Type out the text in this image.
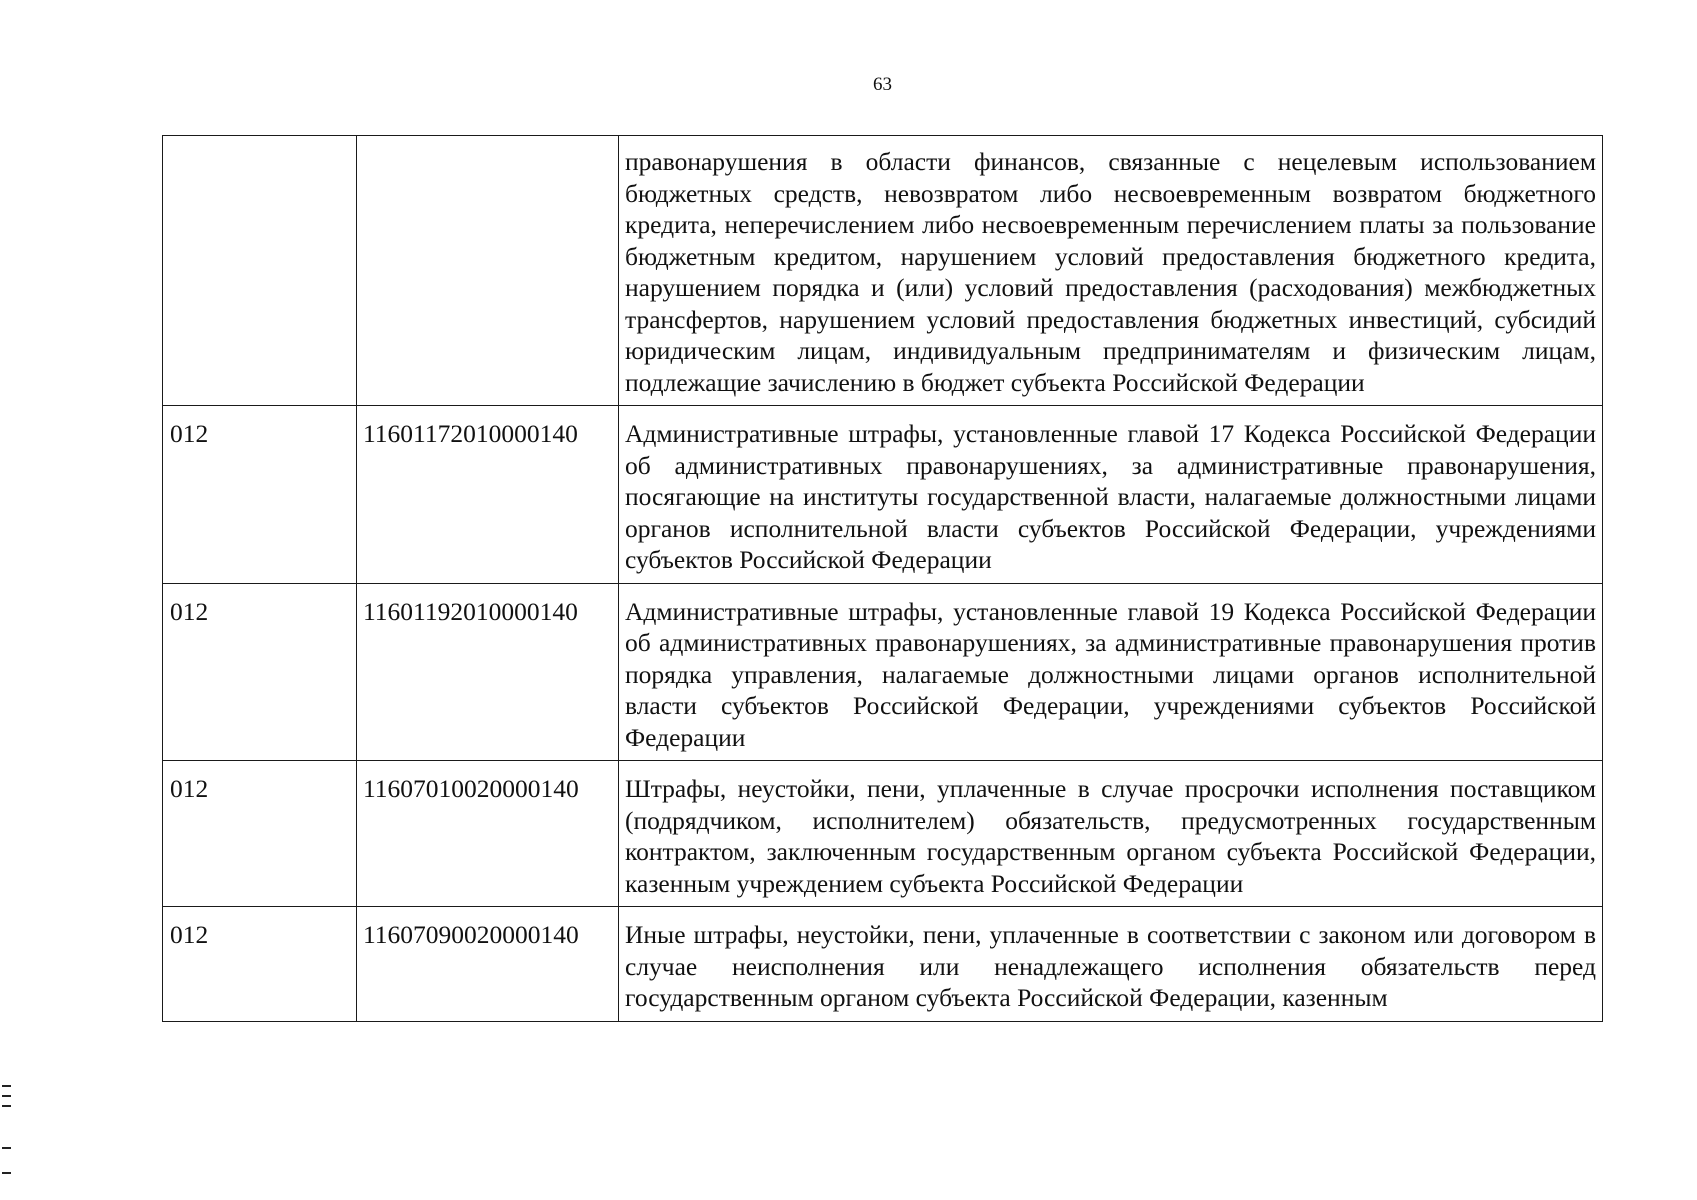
63
		правонарушения в области финансов, связанные с нецелевым использованием бюджетных средств, невозвратом либо несвоевременным возвратом бюджетного кредита, неперечислением либо несвоевременным перечислением платы за пользование бюджетным кредитом, нарушением условий предоставления бюджетного кредита, нарушением порядка и (или) условий предоставления (расходования) межбюджетных трансфертов, нарушением условий предоставления бюджетных инвестиций, субсидий юридическим лицам, индивидуальным предпринимателям и физическим лицам, подлежащие зачислению в бюджет субъекта Российской Федерации
012	11601172010000140	Административные штрафы, установленные главой 17 Кодекса Российской Федерации об административных правонарушениях, за административные правонарушения, посягающие на институты государственной власти, налагаемые должностными лицами органов исполнительной власти субъектов Российской Федерации, учреждениями субъектов Российской Федерации
012	11601192010000140	Административные штрафы, установленные главой 19 Кодекса Российской Федерации об административных правонарушениях, за административные правонарушения против порядка управления, налагаемые должностными лицами органов исполнительной власти субъектов Российской Федерации, учреждениями субъектов Российской Федерации
012	11607010020000140	Штрафы, неустойки, пени, уплаченные в случае просрочки исполнения поставщиком (подрядчиком, исполнителем) обязательств, предусмотренных государственным контрактом, заключенным государственным органом субъекта Российской Федерации, казенным учреждением субъекта Российской Федерации
012	11607090020000140	Иные штрафы, неустойки, пени, уплаченные в соответствии с законом или договором в случае неисполнения или ненадлежащего исполнения обязательств перед государственным органом субъекта Российской Федерации, казенным
